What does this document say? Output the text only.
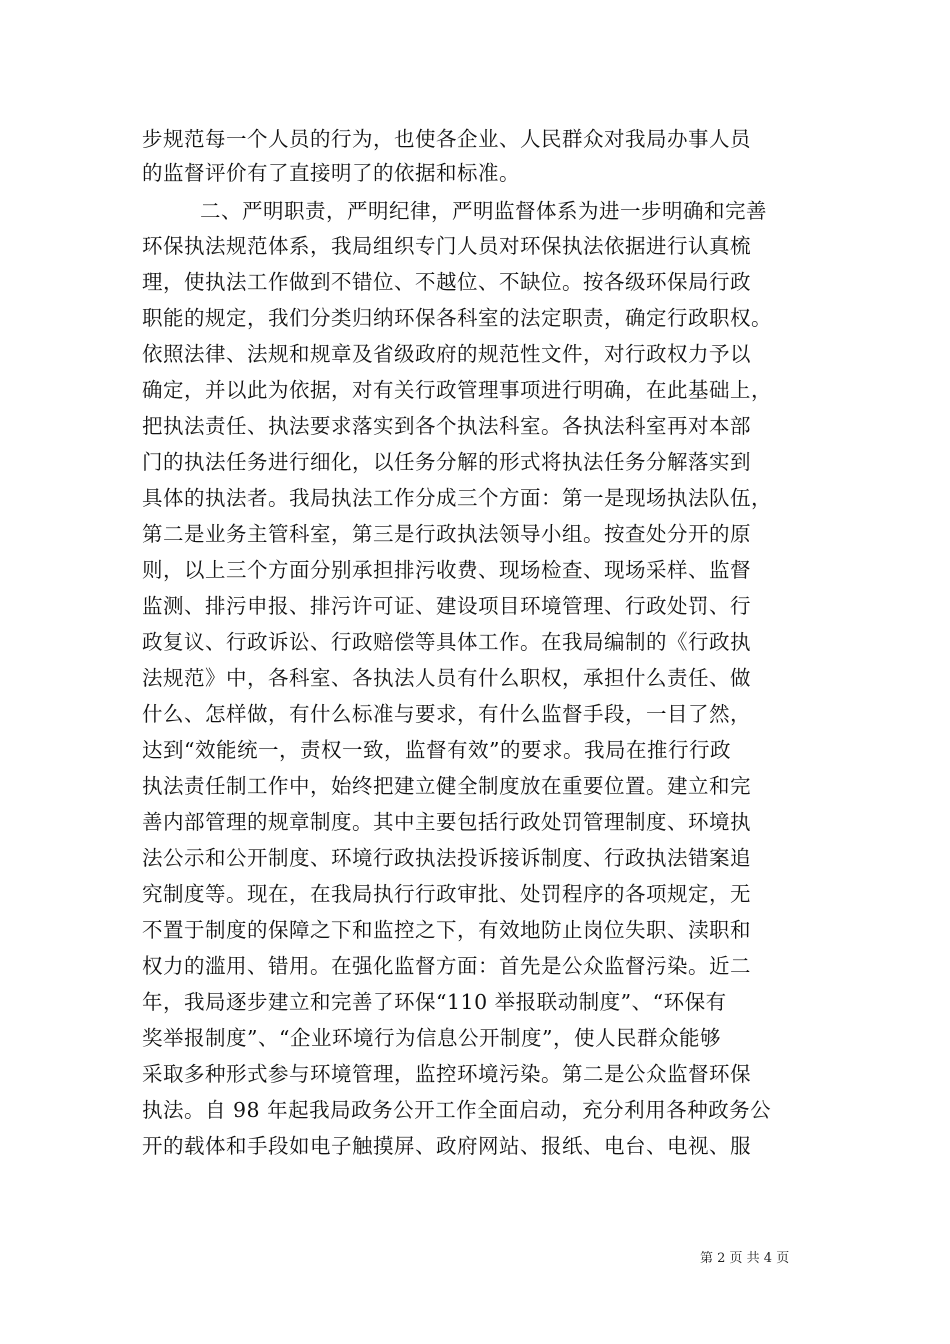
步规范每一个人员的行为，也使各企业、人民群众对我局办事人员
的监督评价有了直接明了的依据和标准。
二、严明职责，严明纪律，严明监督体系为进一步明确和完善
环保执法规范体系，我局组织专门人员对环保执法依据进行认真梳
理，使执法工作做到不错位、不越位、不缺位。按各级环保局行政
职能的规定，我们分类归纳环保各科室的法定职责，确定行政职权。
依照法律、法规和规章及省级政府的规范性文件，对行政权力予以
确定，并以此为依据，对有关行政管理事项进行明确，在此基础上，
把执法责任、执法要求落实到各个执法科室。各执法科室再对本部
门的执法任务进行细化，以任务分解的形式将执法任务分解落实到
具体的执法者。我局执法工作分成三个方面：第一是现场执法队伍，
第二是业务主管科室，第三是行政执法领导小组。按查处分开的原
则，以上三个方面分别承担排污收费、现场检查、现场采样、监督
监测、排污申报、排污许可证、建设项目环境管理、行政处罚、行
政复议、行政诉讼、行政赔偿等具体工作。在我局编制的《行政执
法规范》中，各科室、各执法人员有什么职权，承担什么责任、做
什么、怎样做，有什么标准与要求，有什么监督手段，一目了然，
达到“效能统一，责权一致，监督有效”的要求。我局在推行行政
执法责任制工作中，始终把建立健全制度放在重要位置。建立和完
善内部管理的规章制度。其中主要包括行政处罚管理制度、环境执
法公示和公开制度、环境行政执法投诉接诉制度、行政执法错案追
究制度等。现在，在我局执行行政审批、处罚程序的各项规定，无
不置于制度的保障之下和监控之下，有效地防止岗位失职、渎职和
权力的滥用、错用。在强化监督方面：首先是公众监督污染。近二
年，我局逐步建立和完善了环保“110 举报联动制度”、“环保有
奖举报制度”、“企业环境行为信息公开制度”，使人民群众能够
采取多种形式参与环境管理，监控环境污染。第二是公众监督环保
执法。自 98 年起我局政务公开工作全面启动，充分利用各种政务公
开的载体和手段如电子触摸屏、政府网站、报纸、电台、电视、服
第 2 页 共 4 页
